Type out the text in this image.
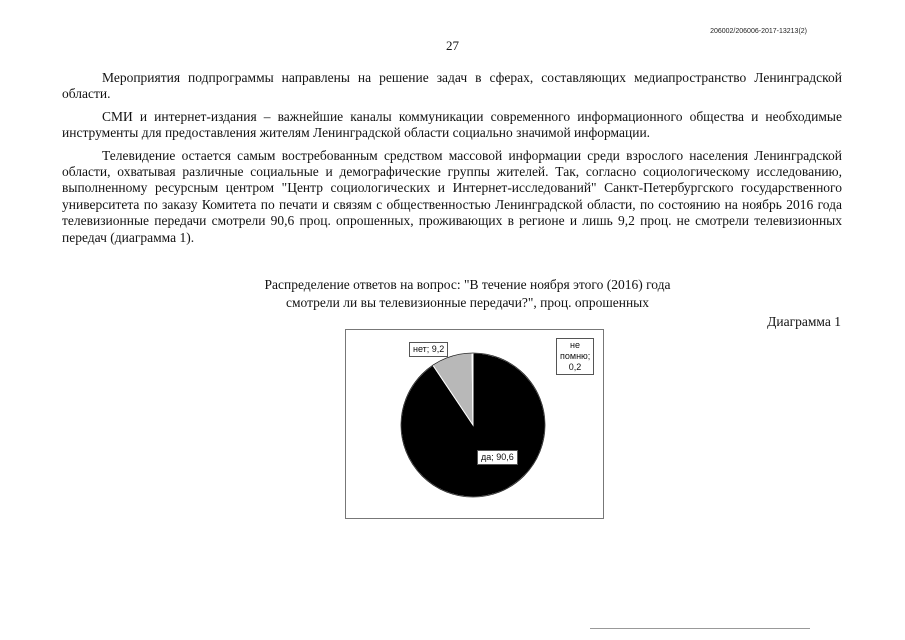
206002/206006-2017-13213(2)
27

Мероприятия подпрограммы направлены на решение задач в сферах, составляющих медиапространство Ленинградской области.

СМИ и интернет-издания – важнейшие каналы коммуникации современного информационного общества и необходимые инструменты для предоставления жителям Ленинградской области социально значимой информации.

Телевидение остается самым востребованным средством массовой информации среди взрослого населения Ленинградской области, охватывая различные социальные и демографические группы жителей. Так, согласно социологическому исследованию, выполненному ресурсным центром "Центр социологических и Интернет-исследований" Санкт-Петербургского государственного университета по заказу Комитета по печати и связям с общественностью Ленинградской области, по состоянию на ноябрь 2016 года телевизионные передачи смотрели 90,6 проц. опрошенных, проживающих в регионе и лишь 9,2 проц. не смотрели телевизионных передач (диаграмма 1).

Распределение ответов на вопрос: "В течение ноября этого (2016) года
смотрели ли вы телевизионные передачи?", проц. опрошенных
Диаграмма 1
да; 90,6
нет; 9,2	не помню; 0,2
